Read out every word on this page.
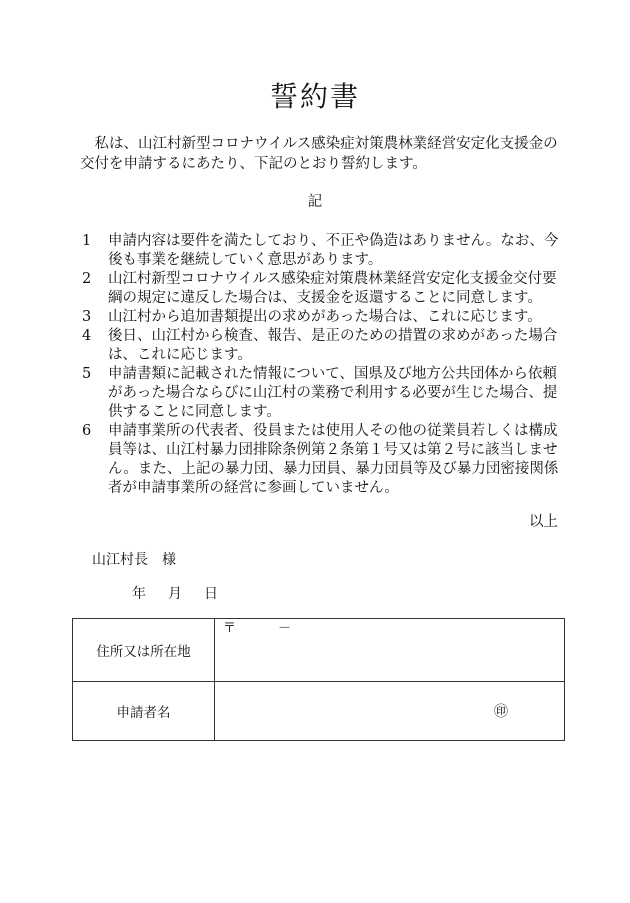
誓約書
私は、山江村新型コロナウイルス感染症対策農林業経営安定化支援金の交付を申請するにあたり、下記のとおり誓約します。
記
1	申請内容は要件を満たしており、不正や偽造はありません。なお、今後も事業を継続していく意思があります。
2	山江村新型コロナウイルス感染症対策農林業経営安定化支援金交付要綱の規定に違反した場合は、支援金を返還することに同意します。
3	山江村から追加書類提出の求めがあった場合は、これに応じます。
4	後日、山江村から検査、報告、是正のための措置の求めがあった場合は、これに応じます。
5	申請書類に記載された情報について、国県及び地方公共団体から依頼があった場合ならびに山江村の業務で利用する必要が生じた場合、提供することに同意します。
6	申請事業所の代表者、役員または使用人その他の従業員若しくは構成員等は、山江村暴力団排除条例第２条第１号又は第２号に該当しません。また、上記の暴力団、暴力団員、暴力団員等及び暴力団密接関係者が申請事業所の経営に参画していません。
以上
山江村長 様
年 月 日
住所又は所在地	〒 －

申請者名	㊞
